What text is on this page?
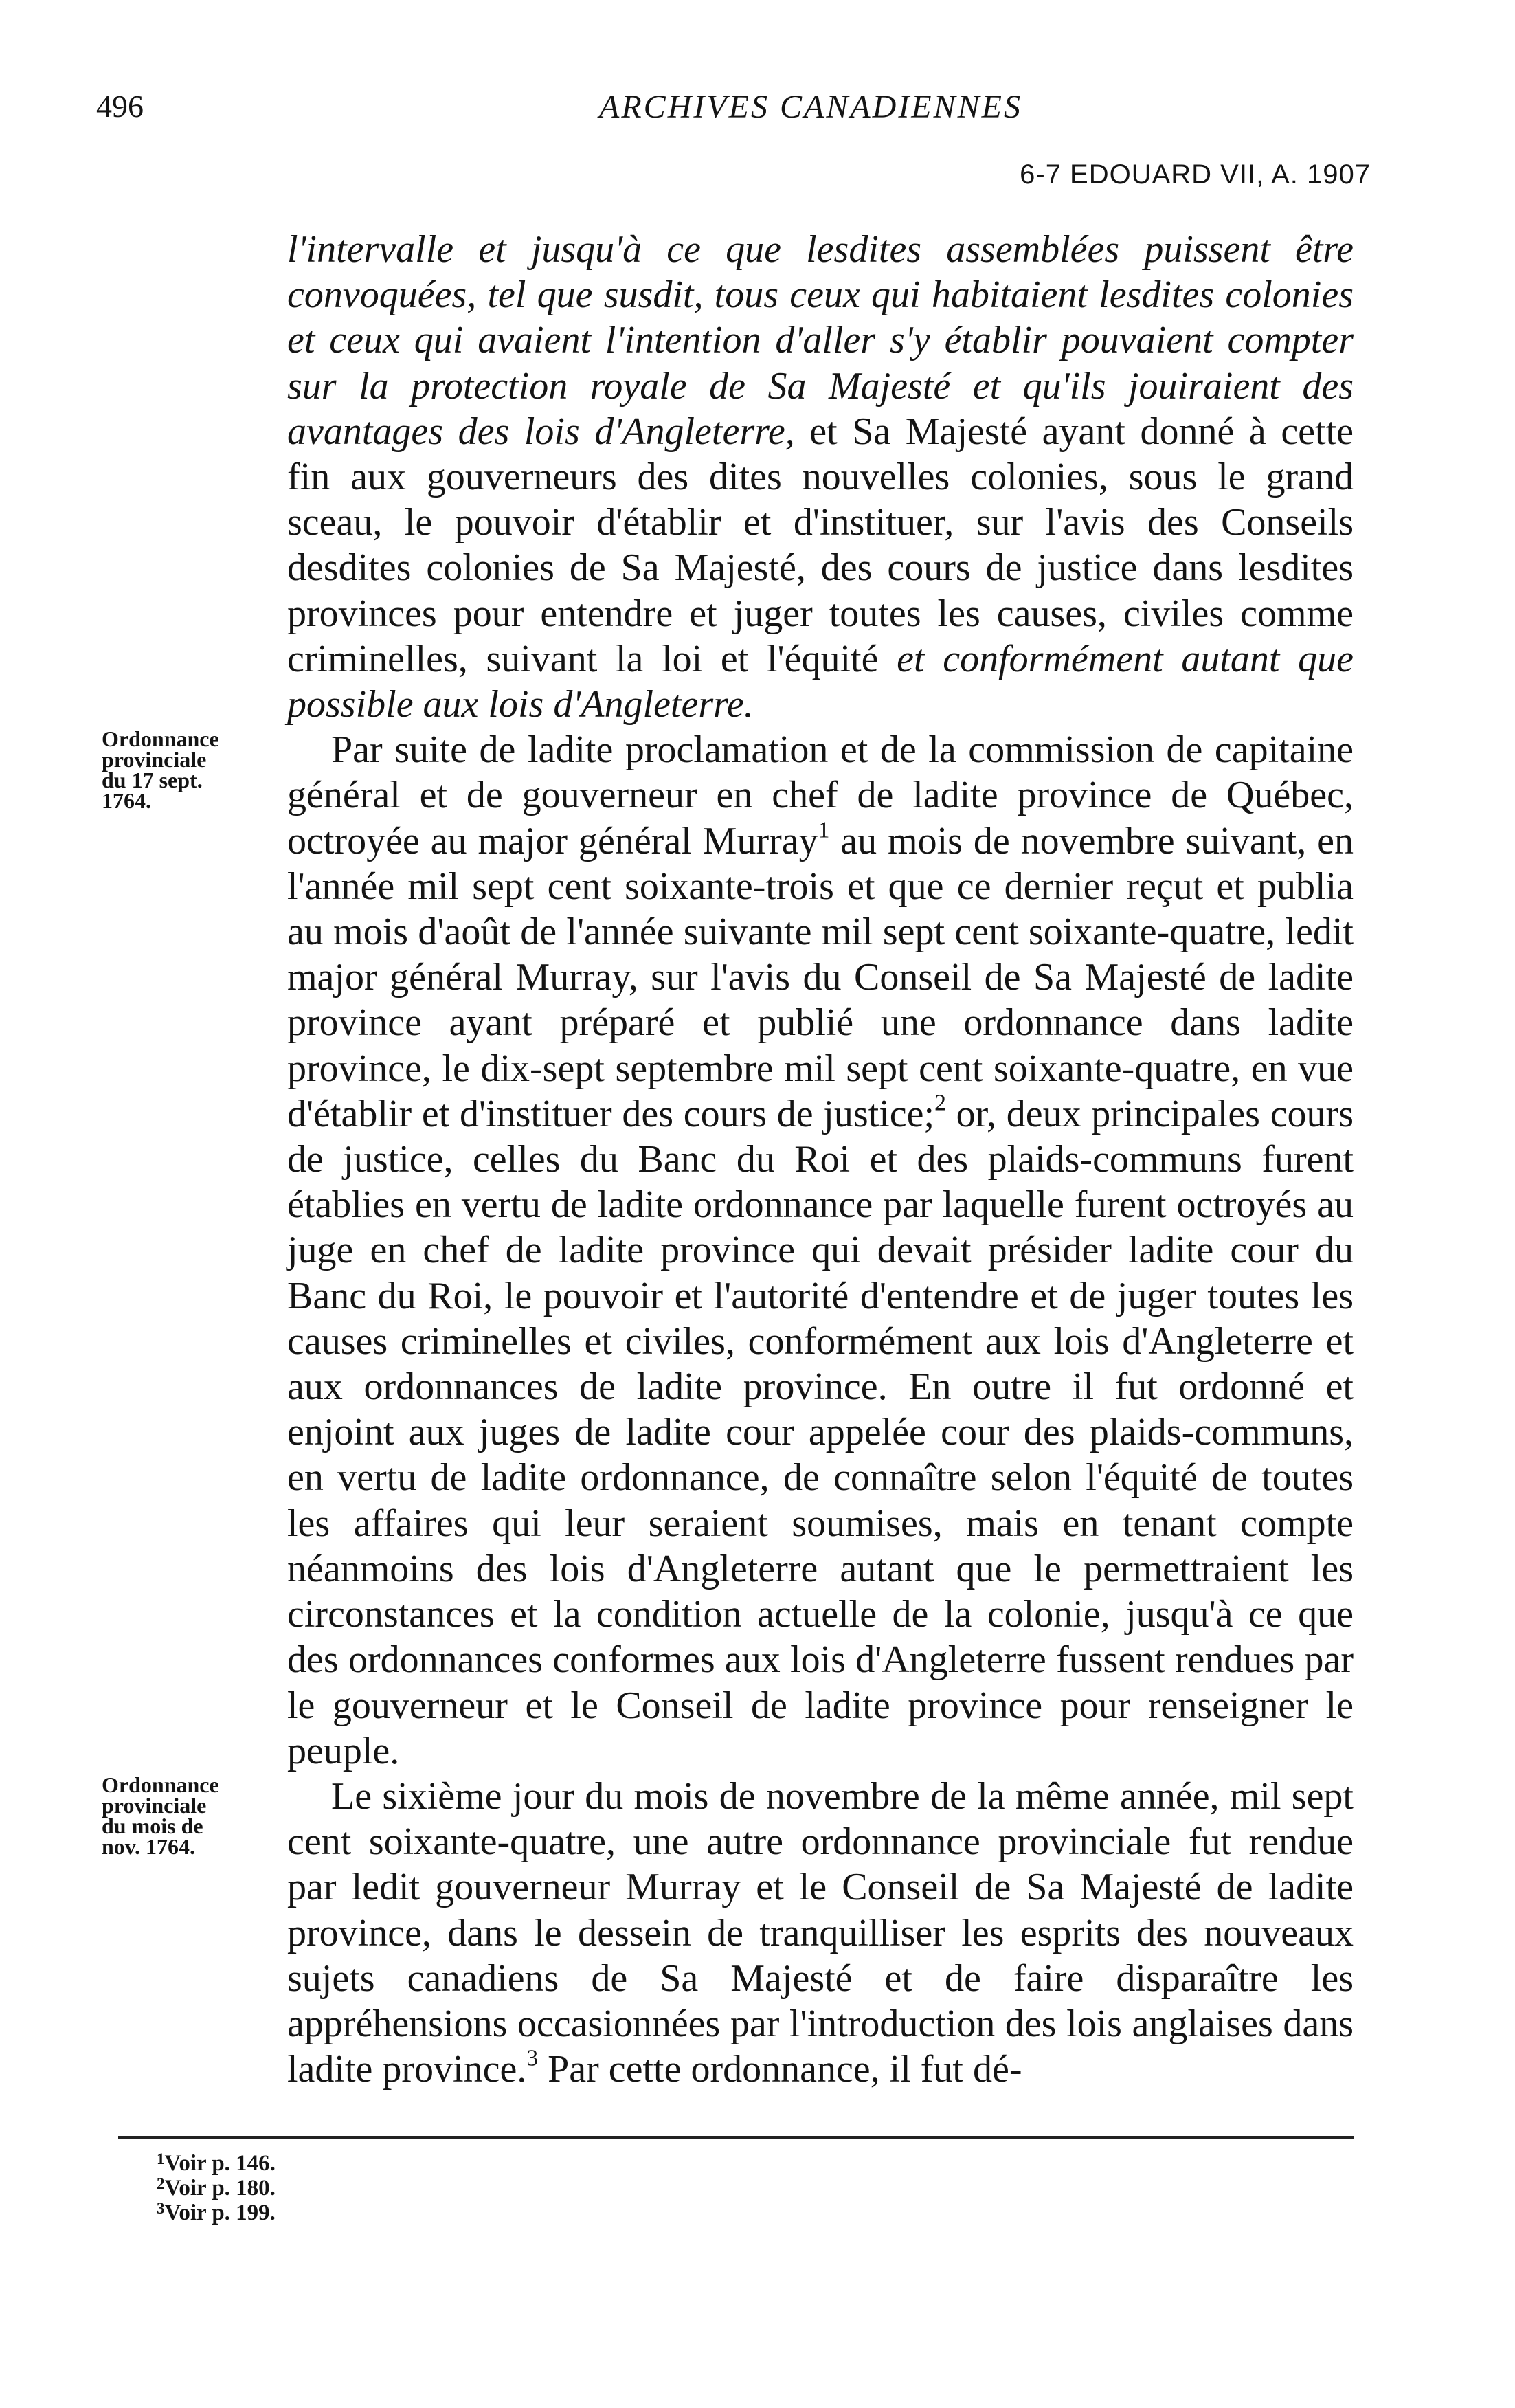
496	ARCHIVES CANADIENNES
6-7 EDOUARD VII, A. 1907
Ordonnance
provinciale
du 17 sept.
1764.
Ordonnance
provinciale
du mois de
nov. 1764.

l'intervalle et jusqu'à ce que lesdites assemblées puissent être convoquées, tel que susdit, tous ceux qui habitaient lesdites colonies et ceux qui avaient l'intention d'aller s'y établir pouvaient compter sur la protection royale de Sa Majesté et qu'ils jouiraient des avantages des lois d'Angleterre, et Sa Majesté ayant donné à cette fin aux gouverneurs des dites nouvelles colonies, sous le grand sceau, le pouvoir d'établir et d'instituer, sur l'avis des Conseils desdites colonies de Sa Majesté, des cours de justice dans lesdites provinces pour entendre et juger toutes les causes, civiles comme criminelles, suivant la loi et l'équité et conformément autant que possible aux lois d'Angleterre.

Par suite de ladite proclamation et de la commission de capitaine général et de gouverneur en chef de ladite province de Québec, octroyée au major général Murray$^1$ au mois de novembre suivant, en l'année mil sept cent soixante-trois et que ce dernier reçut et publia au mois d'août de l'année suivante mil sept cent soixante-quatre, ledit major général Murray, sur l'avis du Conseil de Sa Majesté de ladite province ayant préparé et publié une ordonnance dans ladite province, le dix-sept septembre mil sept cent soixante-quatre, en vue d'établir et d'instituer des cours de justice;$^2$ or, deux principales cours de justice, celles du Banc du Roi et des plaids-communs furent établies en vertu de ladite ordonnance par laquelle furent octroyés au juge en chef de ladite province qui devait présider ladite cour du Banc du Roi, le pouvoir et l'autorité d'entendre et de juger toutes les causes criminelles et civiles, conformément aux lois d'Angleterre et aux ordonnances de ladite province. En outre il fut ordonné et enjoint aux juges de ladite cour appelée cour des plaids-communs, en vertu de ladite ordonnance, de connaître selon l'équité de toutes les affaires qui leur seraient soumises, mais en tenant compte néanmoins des lois d'Angleterre autant que le permettraient les circonstances et la condition actuelle de la colonie, jusqu'à ce que des ordonnances conformes aux lois d'Angleterre fussent rendues par le gouverneur et le Conseil de ladite province pour renseigner le peuple.

Le sixième jour du mois de novembre de la même année, mil sept cent soixante-quatre, une autre ordonnance provinciale fut rendue par ledit gouverneur Murray et le Conseil de Sa Majesté de ladite province, dans le dessein de tranquilliser les esprits des nouveaux sujets canadiens de Sa Majesté et de faire disparaître les appréhensions occasionnées par l'introduction des lois anglaises dans ladite province.$^3$ Par cette ordonnance, il fut dé-

$^1$Voir p. 146.
$^2$Voir p. 180.
$^3$Voir p. 199.
